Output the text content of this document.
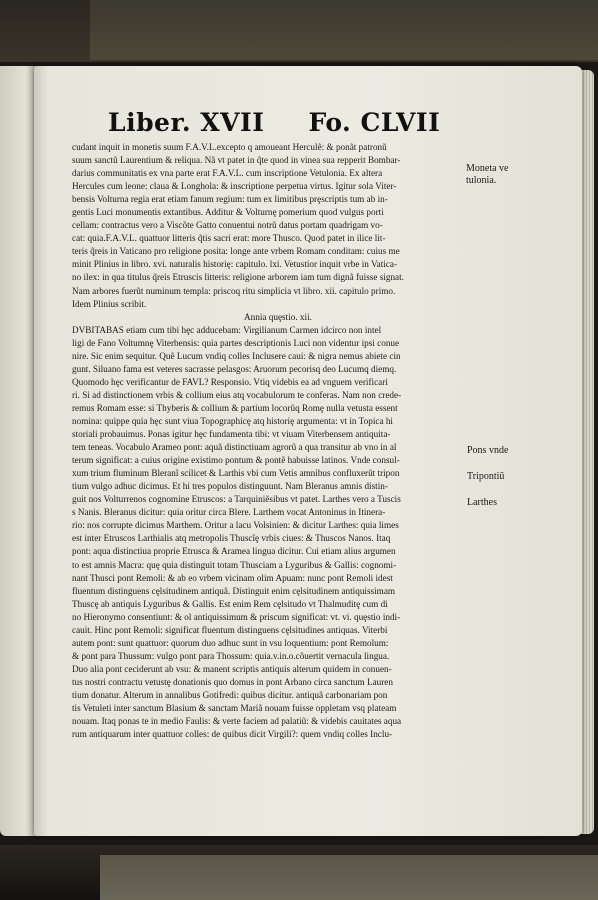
Liber. XVII Fo. CLVII
cudant inquit in monetis suum F.A.V.L.excepto q amoueant Herculẽ: & ponãt patronũ
suum sanctũ Laurentium & reliqua. Nã vt patet in q̃te quod in vinea sua repperit Bombar-
darius communitatis ex vna parte erat F.A.V.L. cum inscriptione Vetulonia. Ex altera
Hercules cum leone: claua & Longhola: & inscriptione perpetua virtus. Igitur sola Viter-
bensis Volturna regia erat etiam fanum regium: tum ex limitibus prȩscriptis tum ab in-
gentis Luci monumentis extantibus. Additur & Volturnȩ pomerium quod vulgus porti
cellam: contractus vero a Viscõte Gatto conuentui notrũ datus portam quadrigam vo-
cat: quia.F.A.V.L. quattuor litteris q̃tis sacri erat: more Thusco. Quod patet in ilice lit-
teris q̃reis in Vaticano pro religione posita: longe ante vrbem Romam conditam: cuius me
minit Plinius in libro. xvi. naturalis historiȩ: capitulo. lxi. Vetustior inquit vrbe in Vatica-
no ilex: in qua titulus q̃reis Etruscis litteris: religione arborem iam tum dignã fuisse signat.
Nam arbores fuerũt numinum templa: priscoq ritu simplicia vt libro. xii. capitulo primo.
Idem Plinius scribit.
Annia quȩstio. xii.
DVBITABAS etiam cum tibi hȩc adducebam: Virgilianum Carmen idcirco non intel
ligi de Fano Voltumnȩ Viterbensis: quia partes descriptionis Luci non videntur ipsi conue
nire. Sic enim sequitur. Quẽ Lucum vndiq colles Inclusere caui: & nigra nemus abiete cin
gunt. Siluano fama est veteres sacrasse pelasgos: Aruorum pecorisq deo Lucumq diemq.
Quomodo hȩc verificantur de FAVL? Responsio. Vtiq videbis ea ad vnguem verificari
ri. Si ad distinctionem vrbis & collium eius atq vocabulorum te conferas. Nam non crede-
remus Romam esse: si Thyberis & collium & partium locorũq Romȩ nulla vetusta essent
nomina: quippe quia hȩc sunt viua Topographicȩ atq historiȩ argumenta: vt in Topica hi
storiali probauimus. Ponas igitur hȩc fundamenta tibi: vt viuam Viterbensem antiquita-
tem teneas. Vocabulo Arameo pont: aquã distinctiuam agrorũ a qua transitur ab vno in al
terum significat: a cuius origine existimo pontum & pontẽ habuisse latinos. Vnde consul-
xum trium fluminum Bleranĩ scilicet & Larthis vbi cum Vetis amnibus confluxerũt tripon
tium vulgo adhuc dicimus. Et hi tres populos distinguunt. Nam Bleranus amnis distin-
guit nos Volturrenos cognomine Etruscos: a Tarquiniẽsibus vt patet. Larthes vero a Tuscis
s Nanis. Bleranus dicitur: quia oritur circa Blere. Larthem vocat Antoninus in Itinera-
rio: nos corrupte dicimus Marthem. Oritur a lacu Volsinien: & dicitur Larthes: quia limes
est inter Etruscos Larthialis atq metropolis Thuscĩȩ vrbis ciues: & Thuscos Nanos. Itaq
pont: aqua distinctiua proprie Etrusca & Aramea lingua dicitur. Cui etiam alius argumen
to est amnis Macra: quȩ quia distinguit totam Thusciam a Lyguribus & Gallis: cognomi-
nant Thusci pont Remoli: & ab eo vrbem vicinam olim Apuam: nunc pont Remoli idest
fluentum distinguens cȩlsitudinem antiquã. Distinguit enim cȩlsitudinem antiquissimam
Thuscȩ ab antiquis Lyguribus & Gallis. Est enim Rem cȩlsitudo vt Thalmuditȩ cum di
no Hieronymo consentiunt: & ol antiquissimum & priscum significat: vt. vi. quȩstio indi-
cauit. Hinc pont Remoli: significat fluentum distinguens cȩlsitudines antiquas. Viterbi
autem pont: sunt quattuor: quorum duo adhuc sunt in vsu loquentium: pont Remolum:
& pont para Thussum: vulgo pont para Thossum: quia.v.in.o.cõuertit vernacula lingua.
Duo alia pont ceciderunt ab vsu: & manent scriptis antiquis alterum quidem in conuen-
tus nostri contractu vetustȩ donationis quo domus in pont Arbano circa sanctum Lauren
tium donatur. Alterum in annalibus Gotifredi: quibus dicitur. antiquã carbonariam pon
tis Vetuleti inter sanctum Blasium & sanctam Mariã nouam fuisse oppletam vsq plateam
nouam. Itaq ponas te in medio Faulis: & verte faciem ad palatiũ: & videbis cauitates aqua
rum antiquarum inter quattuor colles: de quibus dicit Virgili?: quem vndiq colles Inclu-
Moneta ve
tulonia.
Pons vnde
Tripontiũ
Larthes
